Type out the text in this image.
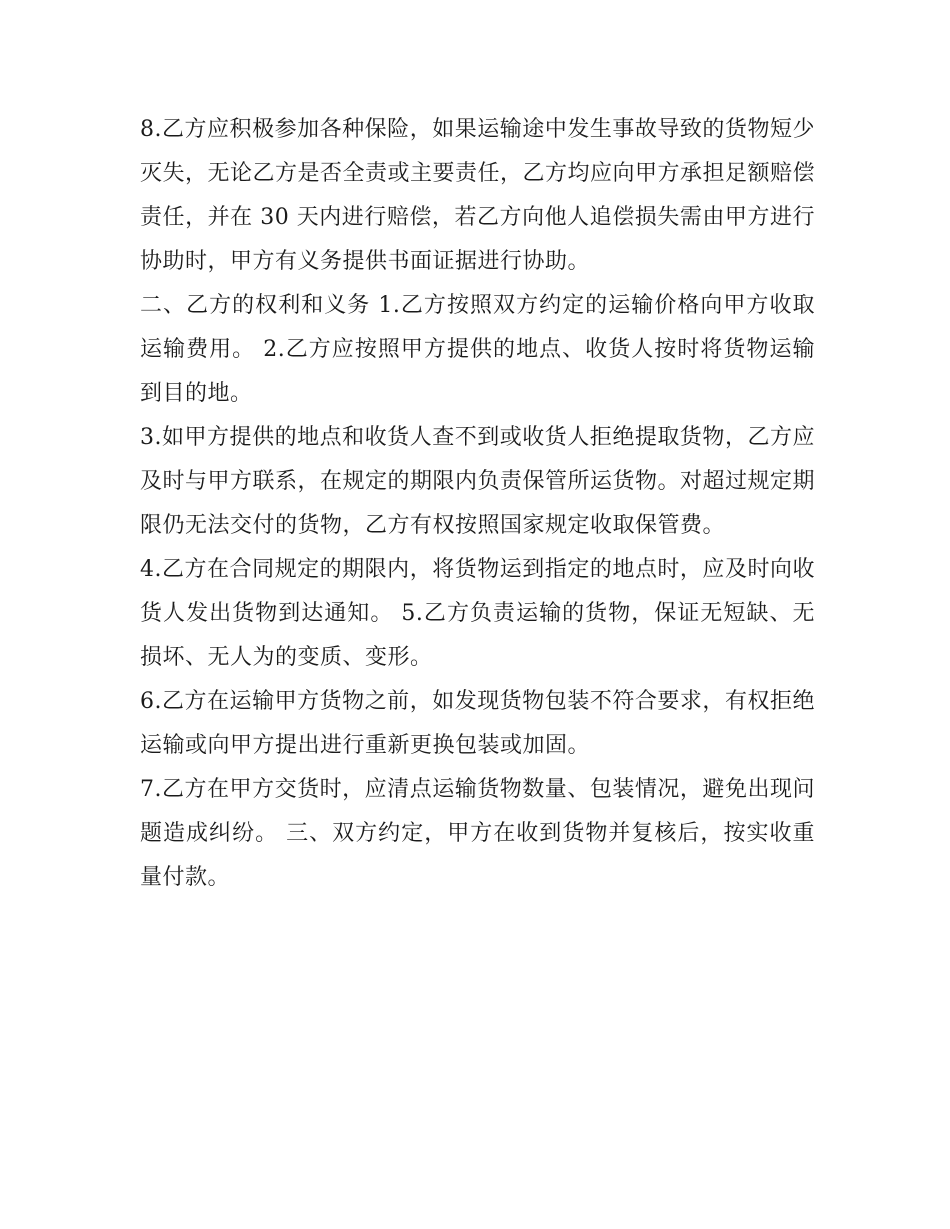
8.乙方应积极参加各种保险，如果运输途中发生事故导致的货物短少灭失，无论乙方是否全责或主要责任，乙方均应向甲方承担足额赔偿责任，并在 30 天内进行赔偿，若乙方向他人追偿损失需由甲方进行协助时，甲方有义务提供书面证据进行协助。

二、乙方的权利和义务 1.乙方按照双方约定的运输价格向甲方收取运输费用。 2.乙方应按照甲方提供的地点、收货人按时将货物运输到目的地。

3.如甲方提供的地点和收货人查不到或收货人拒绝提取货物，乙方应及时与甲方联系，在规定的期限内负责保管所运货物。对超过规定期限仍无法交付的货物，乙方有权按照国家规定收取保管费。

4.乙方在合同规定的期限内，将货物运到指定的地点时，应及时向收货人发出货物到达通知。 5.乙方负责运输的货物，保证无短缺、无损坏、无人为的变质、变形。

6.乙方在运输甲方货物之前，如发现货物包装不符合要求，有权拒绝运输或向甲方提出进行重新更换包装或加固。

7.乙方在甲方交货时，应清点运输货物数量、包装情况，避免出现问题造成纠纷。 三、双方约定，甲方在收到货物并复核后，按实收重量付款。
